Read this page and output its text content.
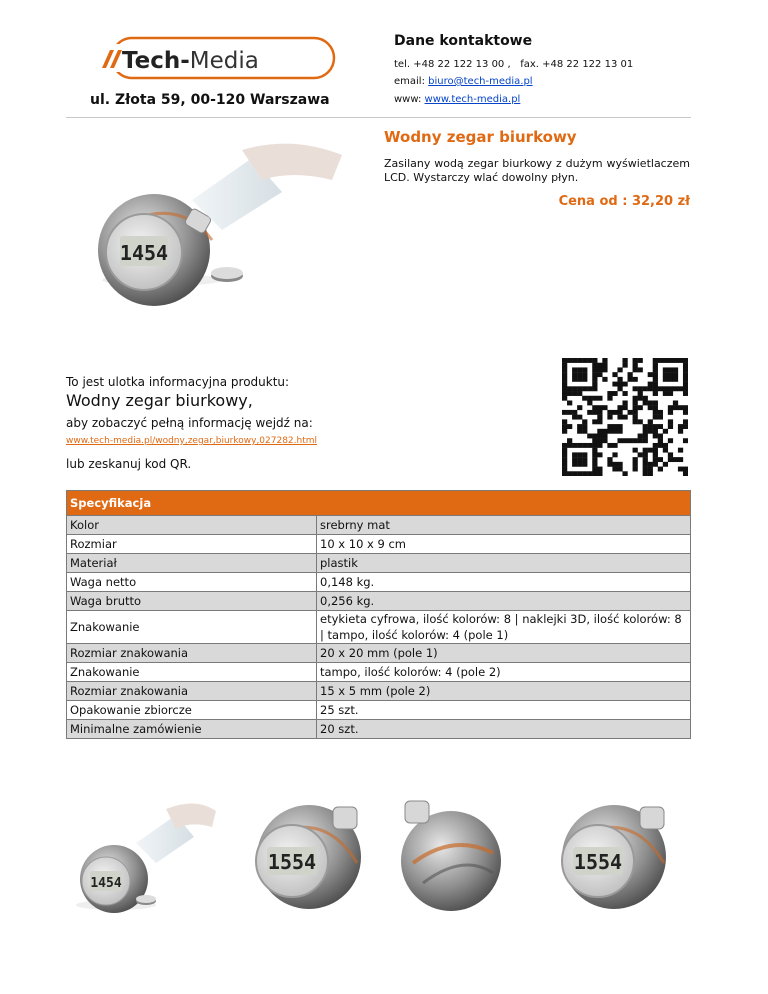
Tech-Media
ul. Złota 59, 00-120 Warszawa
Dane kontaktowe
tel. +48 22 122 13 00 , fax. +48 22 122 13 01
email: biuro@tech-media.pl
www: www.tech-media.pl
1454
Wodny zegar biurkowy
Zasilany wodą zegar biurkowy z dużym wyświetlaczem LCD. Wystarczy wlać dowolny płyn.
Cena od : 32,20 zł
To jest ulotka informacyjna produktu:
Wodny zegar biurkowy,
aby zobaczyć pełną informację wejdź na:
www.tech-media.pl/wodny,zegar,biurkowy,027282.html
lub zeskanuj kod QR.
Specyfikacja	
Kolor	srebrny mat
Rozmiar	10 x 10 x 9 cm
Materiał	plastik
Waga netto	0,148 kg.
Waga brutto	0,256 kg.
Znakowanie	etykieta cyfrowa, ilość kolorów: 8 | naklejki 3D, ilość kolorów: 8 | tampo, ilość kolorów: 4 (pole 1)
Rozmiar znakowania	20 x 20 mm (pole 1)
Znakowanie	tampo, ilość kolorów: 4 (pole 2)
Rozmiar znakowania	15 x 5 mm (pole 2)
Opakowanie zbiorcze	25 szt.
Minimalne zamówienie	20 szt.
1454
1554	1554
